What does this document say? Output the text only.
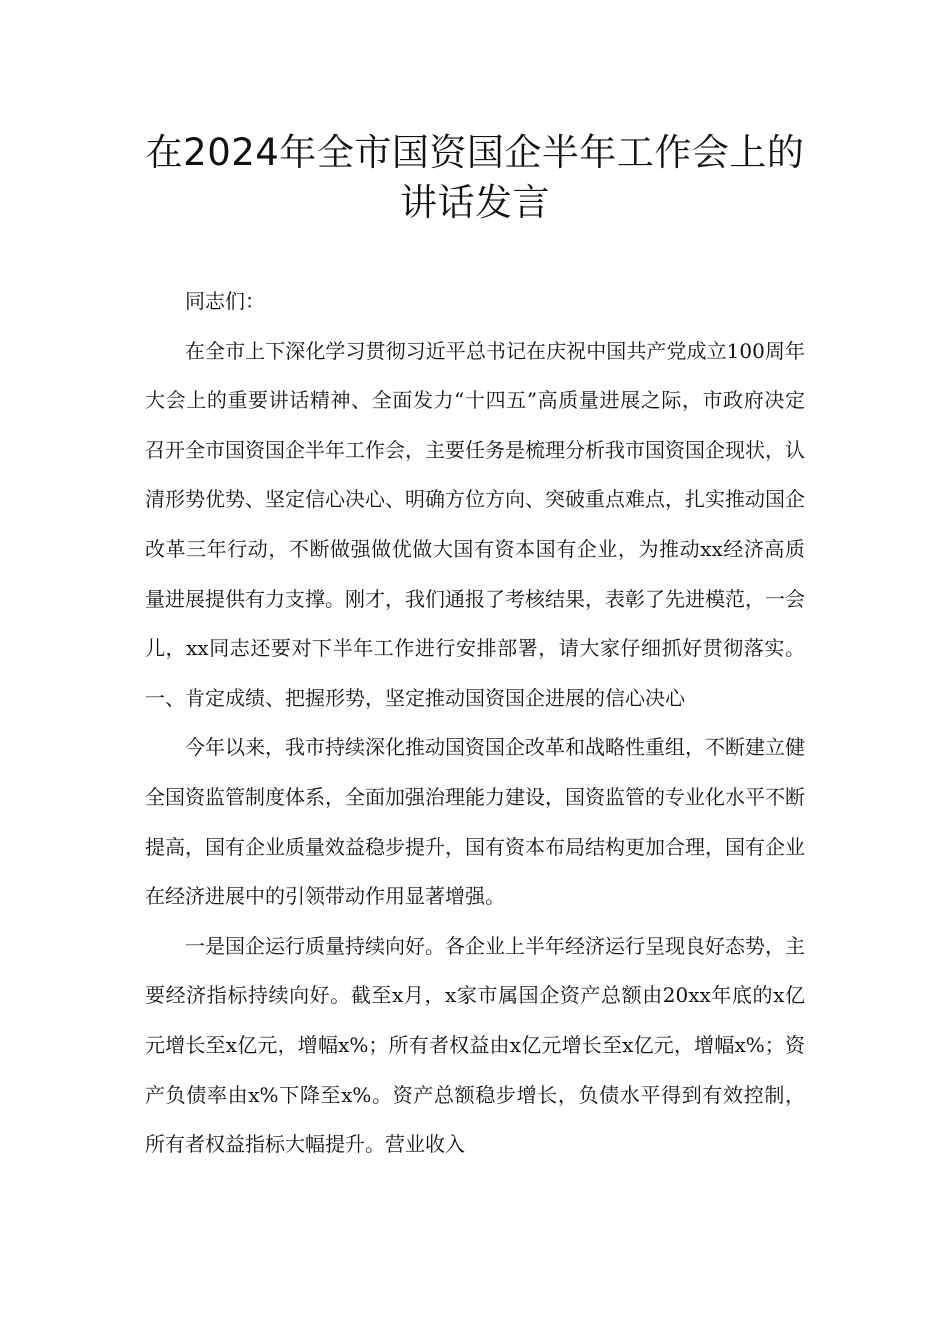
在2024年全市国资国企半年工作会上的讲话发言

同志们：

在全市上下深化学习贯彻习近平总书记在庆祝中国共产党成立100周年大会上的重要讲话精神、全面发力“十四五”高质量进展之际，市政府决定召开全市国资国企半年工作会，主要任务是梳理分析我市国资国企现状，认清形势优势、坚定信心决心、明确方位方向、突破重点难点，扎实推动国企改革三年行动，不断做强做优做大国有资本国有企业，为推动xx经济高质量进展提供有力支撑。刚才，我们通报了考核结果，表彰了先进模范，一会儿，xx同志还要对下半年工作进行安排部署，请大家仔细抓好贯彻落实。一、肯定成绩、把握形势，坚定推动国资国企进展的信心决心

今年以来，我市持续深化推动国资国企改革和战略性重组，不断建立健全国资监管制度体系，全面加强治理能力建设，国资监管的专业化水平不断提高，国有企业质量效益稳步提升，国有资本布局结构更加合理，国有企业在经济进展中的引领带动作用显著增强。

一是国企运行质量持续向好。各企业上半年经济运行呈现良好态势，主要经济指标持续向好。截至x月，x家市属国企资产总额由20xx年底的x亿元增长至x亿元，增幅x%；所有者权益由x亿元增长至x亿元，增幅x%；资产负债率由x%下降至x%。资产总额稳步增长，负债水平得到有效控制，所有者权益指标大幅提升。营业收入
